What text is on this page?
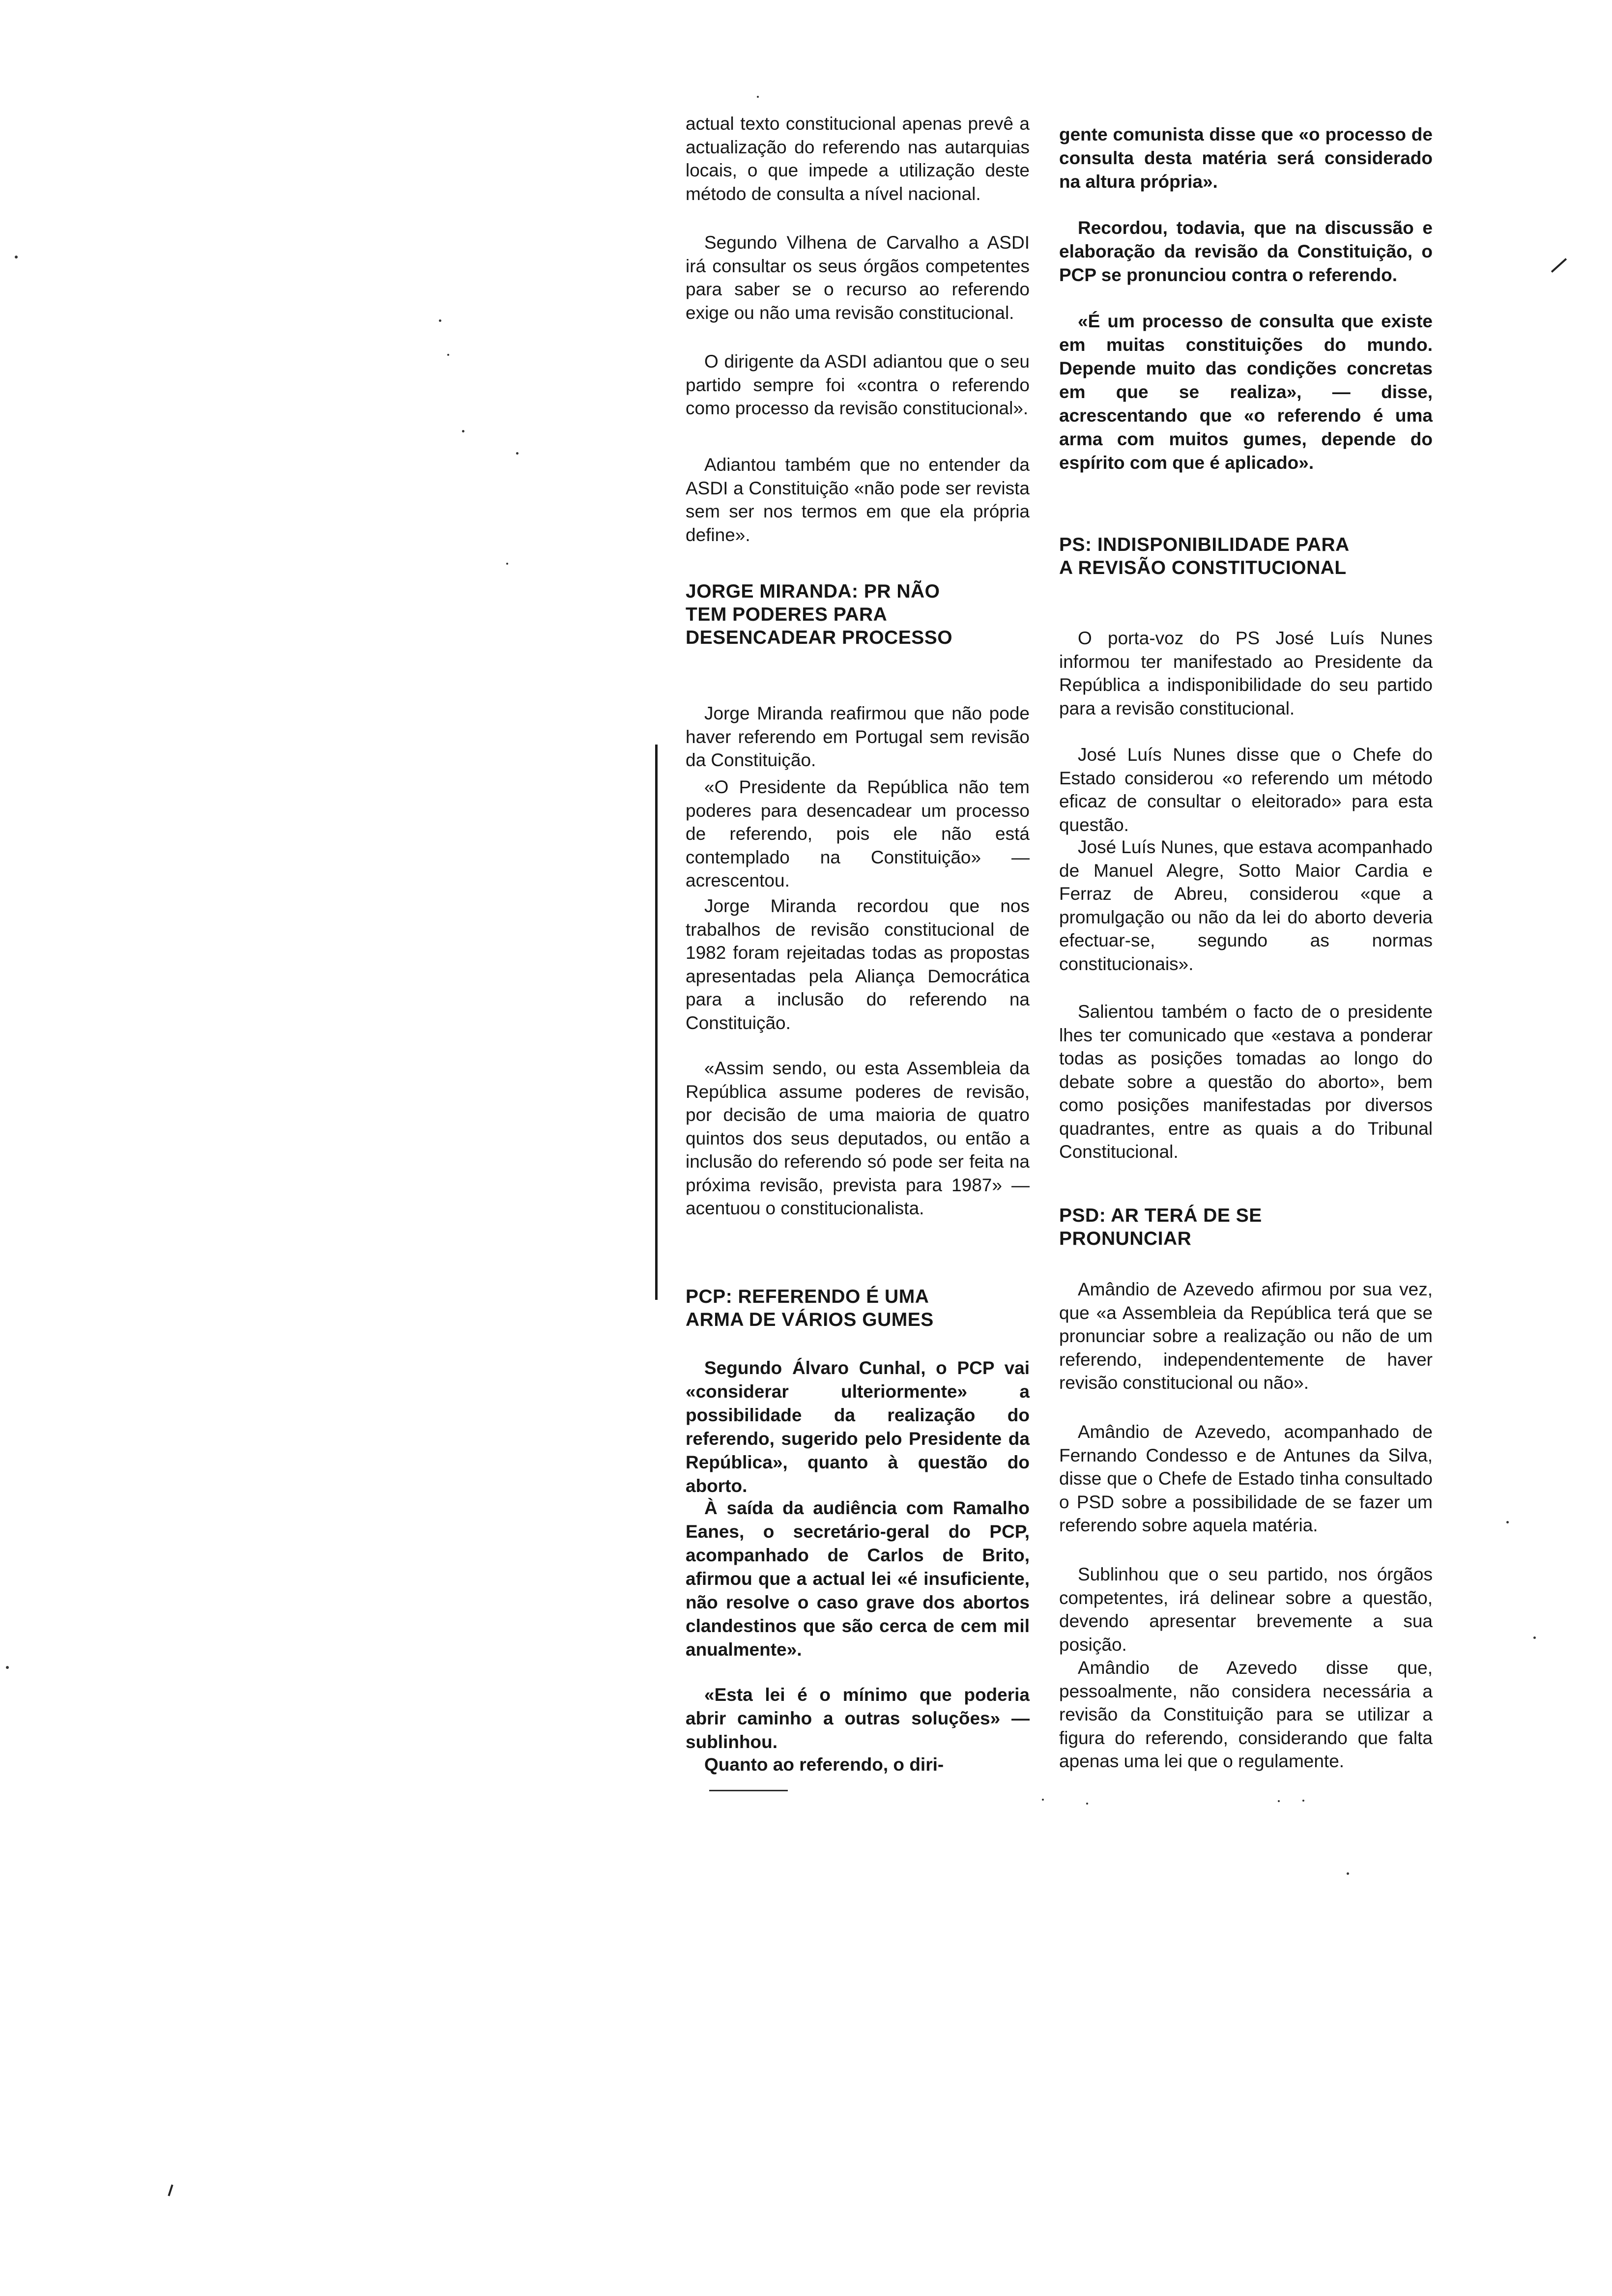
actual texto constitucional apenas prevê a actualização do referendo nas autarquias locais, o que impede a utilização deste método de consulta a nível nacional.

Segundo Vilhena de Carvalho a ASDI irá consultar os seus órgãos competentes para saber se o recurso ao referendo exige ou não uma revisão constitucional.

O dirigente da ASDI adiantou que o seu partido sempre foi «contra o referendo como processo da revisão constitucional».

Adiantou também que no entender da ASDI a Constituição «não pode ser revista sem ser nos termos em que ela própria define».

JORGE MIRANDA: PR NÃO TEM PODERES PARA DESENCADEAR PROCESSO

Jorge Miranda reafirmou que não pode haver referendo em Portugal sem revisão da Constituição.

«O Presidente da República não tem poderes para desencadear um processo de referendo, pois ele não está contemplado na Constituição» — acrescentou.

Jorge Miranda recordou que nos trabalhos de revisão constitucional de 1982 foram rejeitadas todas as propostas apresentadas pela Aliança Democrática para a inclusão do referendo na Constituição.

«Assim sendo, ou esta Assembleia da República assume poderes de revisão, por decisão de uma maioria de quatro quintos dos seus deputados, ou então a inclusão do referendo só pode ser feita na próxima revisão, prevista para 1987» — acentuou o constitucionalista.

PCP: REFERENDO É UMA ARMA DE VÁRIOS GUMES

Segundo Álvaro Cunhal, o PCP vai «considerar ulteriormente» a possibilidade da realização do referendo, sugerido pelo Presidente da República», quanto à questão do aborto.

À saída da audiência com Ramalho Eanes, o secretário-geral do PCP, acompanhado de Carlos de Brito, afirmou que a actual lei «é insuficiente, não resolve o caso grave dos abortos clandestinos que são cerca de cem mil anualmente».

«Esta lei é o mínimo que poderia abrir caminho a outras soluções» — sublinhou.

Quanto ao referendo, o diri-

gente comunista disse que «o processo de consulta desta matéria será considerado na altura própria».

Recordou, todavia, que na discussão e elaboração da revisão da Constituição, o PCP se pronunciou contra o referendo.

«É um processo de consulta que existe em muitas constituições do mundo. Depende muito das condições concretas em que se realiza», — disse, acrescentando que «o referendo é uma arma com muitos gumes, depende do espírito com que é aplicado».

PS: INDISPONIBILIDADE PARA A REVISÃO CONSTITUCIONAL

O porta-voz do PS José Luís Nunes informou ter manifestado ao Presidente da República a indisponibilidade do seu partido para a revisão constitucional.

José Luís Nunes disse que o Chefe do Estado considerou «o referendo um método eficaz de consultar o eleitorado» para esta questão.

José Luís Nunes, que estava acompanhado de Manuel Alegre, Sotto Maior Cardia e Ferraz de Abreu, considerou «que a promulgação ou não da lei do aborto deveria efectuar-se, segundo as normas constitucionais».

Salientou também o facto de o presidente lhes ter comunicado que «estava a ponderar todas as posições tomadas ao longo do debate sobre a questão do aborto», bem como posições manifestadas por diversos quadrantes, entre as quais a do Tribunal Constitucional.

PSD: AR TERÁ DE SE PRONUNCIAR

Amândio de Azevedo afirmou por sua vez, que «a Assembleia da República terá que se pronunciar sobre a realização ou não de um referendo, independentemente de haver revisão constitucional ou não».

Amândio de Azevedo, acompanhado de Fernando Condesso e de Antunes da Silva, disse que o Chefe de Estado tinha consultado o PSD sobre a possibilidade de se fazer um referendo sobre aquela matéria.

Sublinhou que o seu partido, nos órgãos competentes, irá delinear sobre a questão, devendo apresentar brevemente a sua posição.

Amândio de Azevedo disse que, pessoalmente, não considera necessária a revisão da Constituição para se utilizar a figura do referendo, considerando que falta apenas uma lei que o regulamente.
